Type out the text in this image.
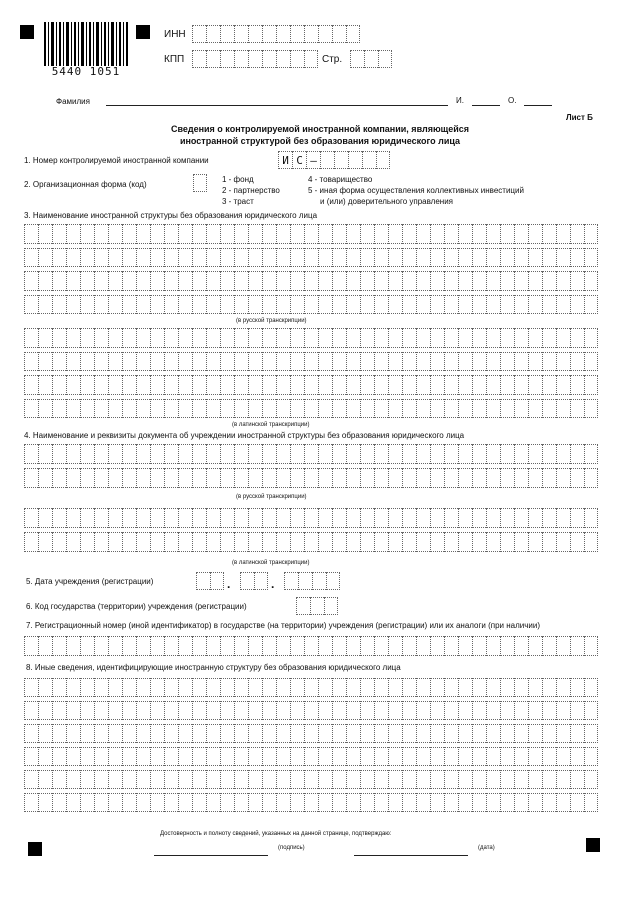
5440 1051
ИНН
КПП	Стр.
Фамилия	И.	О.
Лист Б
Сведения о контролируемой иностранной компании, являющейся
иностранной структурой без образования юридического лица
1. Номер контролируемой иностранной компании	И С –
2. Организационная форма (код)
1 - фонд
2 - партнерство
3 - траст
4 - товарищество
5 - иная форма осуществления коллективных инвестиций
и (или) доверительного управления
3. Наименование иностранной структуры без образования юридического лица
(в русской транскрипции)
(в латинской транскрипции)
4. Наименование и реквизиты документа об учреждении иностранной структуры без образования юридического лица
(в русской транскрипции)
(в латинской транскрипции)
5. Дата учреждения (регистрации)	.	.
6. Код государства (территории) учреждения (регистрации)
7. Регистрационный номер (иной идентификатор) в государстве (на территории) учреждения (регистрации) или их аналоги (при наличии)
8. Иные сведения, идентифицирующие иностранную структуру без образования юридического лица
Достоверность и полноту сведений, указанных на данной странице, подтверждаю:
(подпись)	(дата)
